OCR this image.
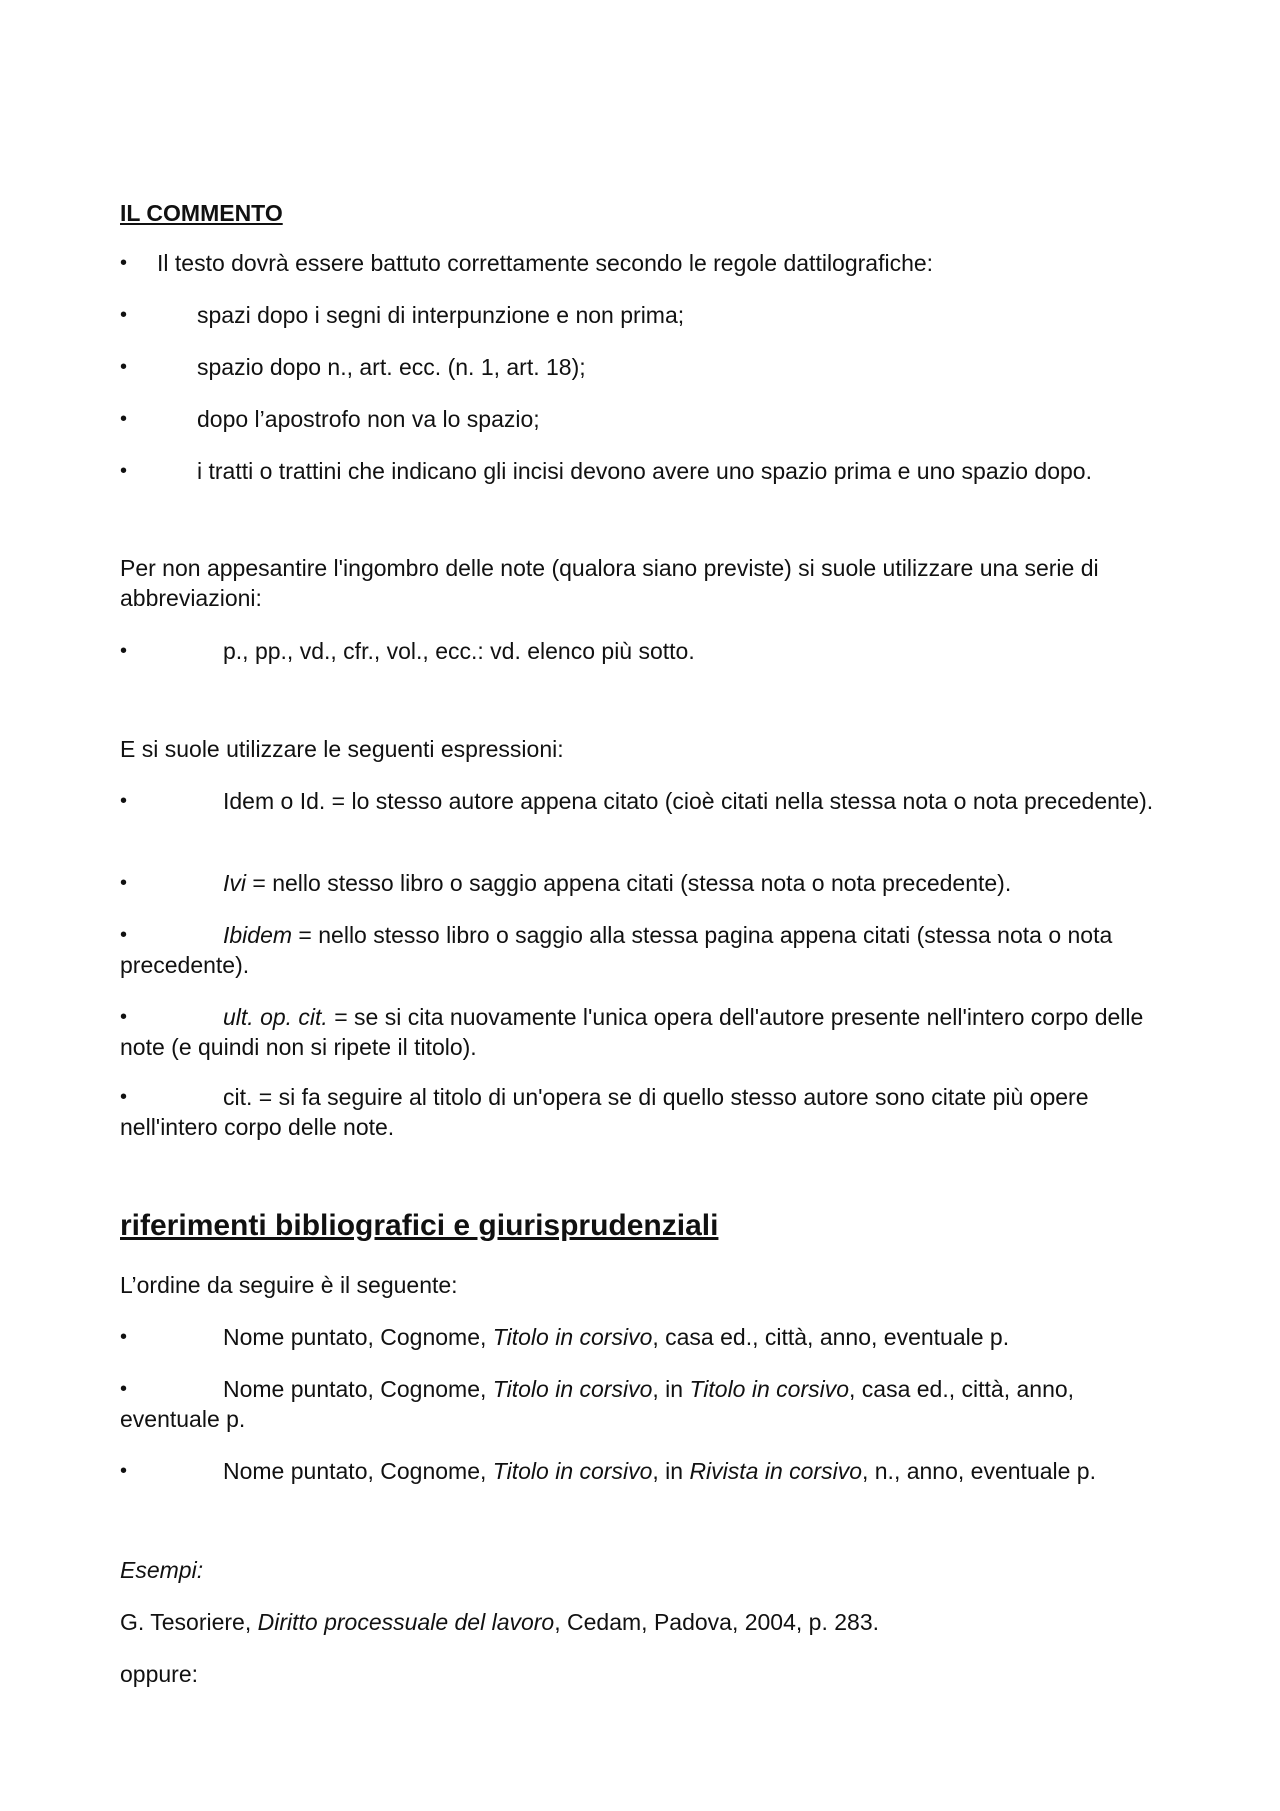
IL COMMENTO
•	Il testo dovrà essere battuto correttamente secondo le regole dattilografiche:
•	spazi dopo i segni di interpunzione e non prima;
•	spazio dopo n., art. ecc. (n. 1, art. 18);
•	dopo l’apostrofo non va lo spazio;
•	i tratti o trattini che indicano gli incisi devono avere uno spazio prima e uno spazio dopo.
Per non appesantire l'ingombro delle note (qualora siano previste) si suole utilizzare una serie di abbreviazioni:
•	p., pp., vd., cfr., vol., ecc.: vd. elenco più sotto.
E si suole utilizzare le seguenti espressioni:
•	Idem o Id. = lo stesso autore appena citato (cioè citati nella stessa nota o nota precedente).
•	Ivi = nello stesso libro o saggio appena citati (stessa nota o nota precedente).
•	Ibidem = nello stesso libro o saggio alla stessa pagina appena citati (stessa nota o nota precedente).
•	ult. op. cit. = se si cita nuovamente l'unica opera dell'autore presente nell'intero corpo delle note (e quindi non si ripete il titolo).
•	cit. = si fa seguire al titolo di un'opera se di quello stesso autore sono citate più opere nell'intero corpo delle note.
riferimenti bibliografici e giurisprudenziali
L’ordine da seguire è il seguente:
•	Nome puntato, Cognome, Titolo in corsivo, casa ed., città, anno, eventuale p.
•	Nome puntato, Cognome, Titolo in corsivo, in Titolo in corsivo, casa ed., città, anno, eventuale p.
•	Nome puntato, Cognome, Titolo in corsivo, in Rivista in corsivo, n., anno, eventuale p.
Esempi:
G. Tesoriere, Diritto processuale del lavoro, Cedam, Padova, 2004, p. 283.
oppure:
